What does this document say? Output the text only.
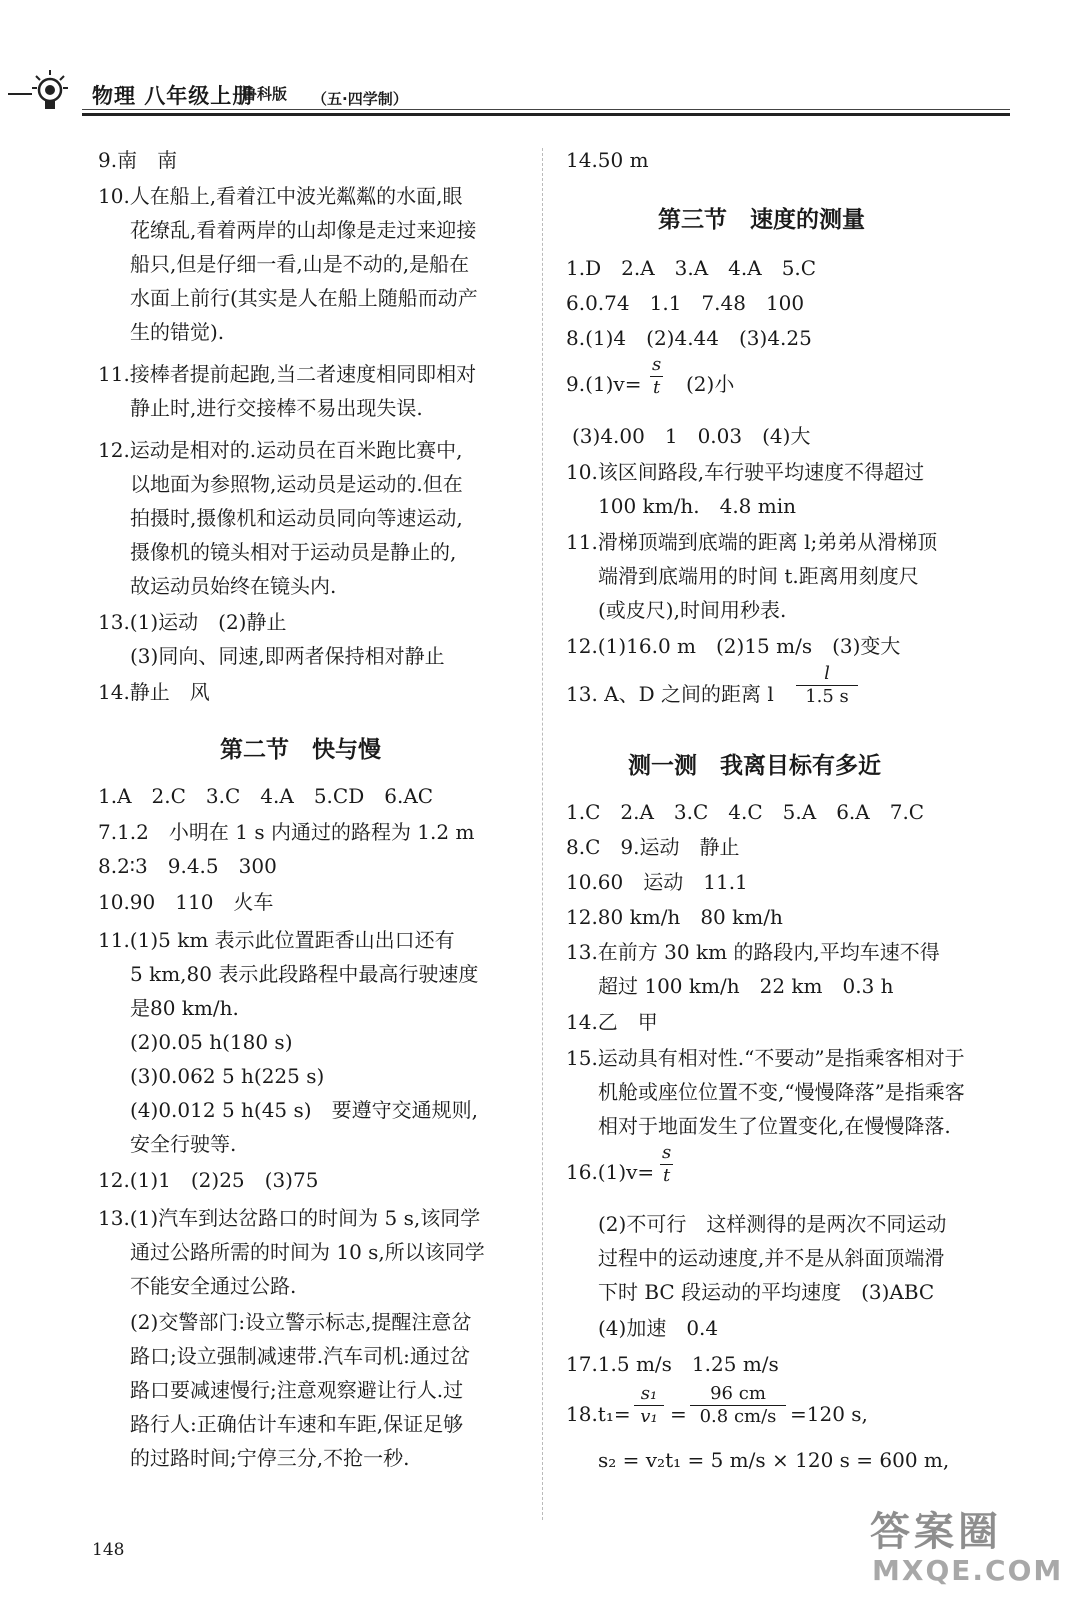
物理 八年级上册
鲁科版 （五·四学制）
9.南　南
10.人在船上,看着江中波光粼粼的水面,眼
花缭乱,看着两岸的山却像是走过来迎接
船只,但是仔细一看,山是不动的,是船在
水面上前行(其实是人在船上随船而动产
生的错觉).
11.接棒者提前起跑,当二者速度相同即相对
静止时,进行交接棒不易出现失误.
12.运动是相对的.运动员在百米跑比赛中,
以地面为参照物,运动员是运动的.但在
拍摄时,摄像机和运动员同向等速运动,
摄像机的镜头相对于运动员是静止的,
故运动员始终在镜头内.
13.(1)运动　(2)静止
(3)同向、同速,即两者保持相对静止
14.静止　风
第二节　快与慢
1.A　2.C　3.C　4.A　5.CD　6.AC
7.1.2　小明在 1 s 内通过的路程为 1.2 m
8.2∶3　9.4.5　300
10.90　110　火车
11.(1)5 km 表示此位置距香山出口还有
5 km,80 表示此段路程中最高行驶速度
是80 km/h.
(2)0.05 h(180 s)
(3)0.062 5 h(225 s)
(4)0.012 5 h(45 s)　要遵守交通规则,
安全行驶等.
12.(1)1　(2)25　(3)75
13.(1)汽车到达岔路口的时间为 5 s,该同学
通过公路所需的时间为 10 s,所以该同学
不能安全通过公路.
(2)交警部门:设立警示标志,提醒注意岔
路口;设立强制减速带.汽车司机:通过岔
路口要减速慢行;注意观察避让行人.过
路行人:正确估计车速和车距,保证足够
的过路时间;宁停三分,不抢一秒.
14.50 m
第三节　速度的测量
1.D　2.A　3.A　4.A　5.C
6.0.74　1.1　7.48　100
8.(1)4　(2)4.44　(3)4.25
$9.(1)v= \frac{s}{t} (2)$小
(3)4.00　1　0.03　(4)大
10.该区间路段,车行驶平均速度不得超过
100 km/h.　4.8 min
11.滑梯顶端到底端的距离 l;弟弟从滑梯顶
端滑到底端用的时间 t.距离用刻度尺
(或皮尺),时间用秒表.
12.(1)16.0 m　(2)15 m/s　(3)变大
13. A、D 之间的距离 l $\frac{l}{1.5 s}$
测一测　我离目标有多近
1.C　2.A　3.C　4.C　5.A　6.A　7.C
8.C　9.运动　静止
10.60　运动　11.1
12.80 km/h　80 km/h
13.在前方 30 km 的路段内,平均车速不得
超过 100 km/h　22 km　0.3 h
14.乙　甲
15.运动具有相对性.“不要动”是指乘客相对于
机舱或座位位置不变,“慢慢降落”是指乘客
相对于地面发生了位置变化,在慢慢降落.
$16.(1)v= \frac{s}{t}$
(2)不可行　这样测得的是两次不同运动
过程中的运动速度,并不是从斜面顶端滑
下时 BC 段运动的平均速度　(3)ABC
(4)加速　0.4
17.1.5 m/s　1.25 m/s
$18.t_1= \frac{\text{s₁}}{\text{v₁}} = \frac{96 cm}{0.8 cm/s} =120$ s,
s₂ = v₂t₁ = 5 m/s × 120 s = 600 m,
148	答案圈
MXQE.COM
